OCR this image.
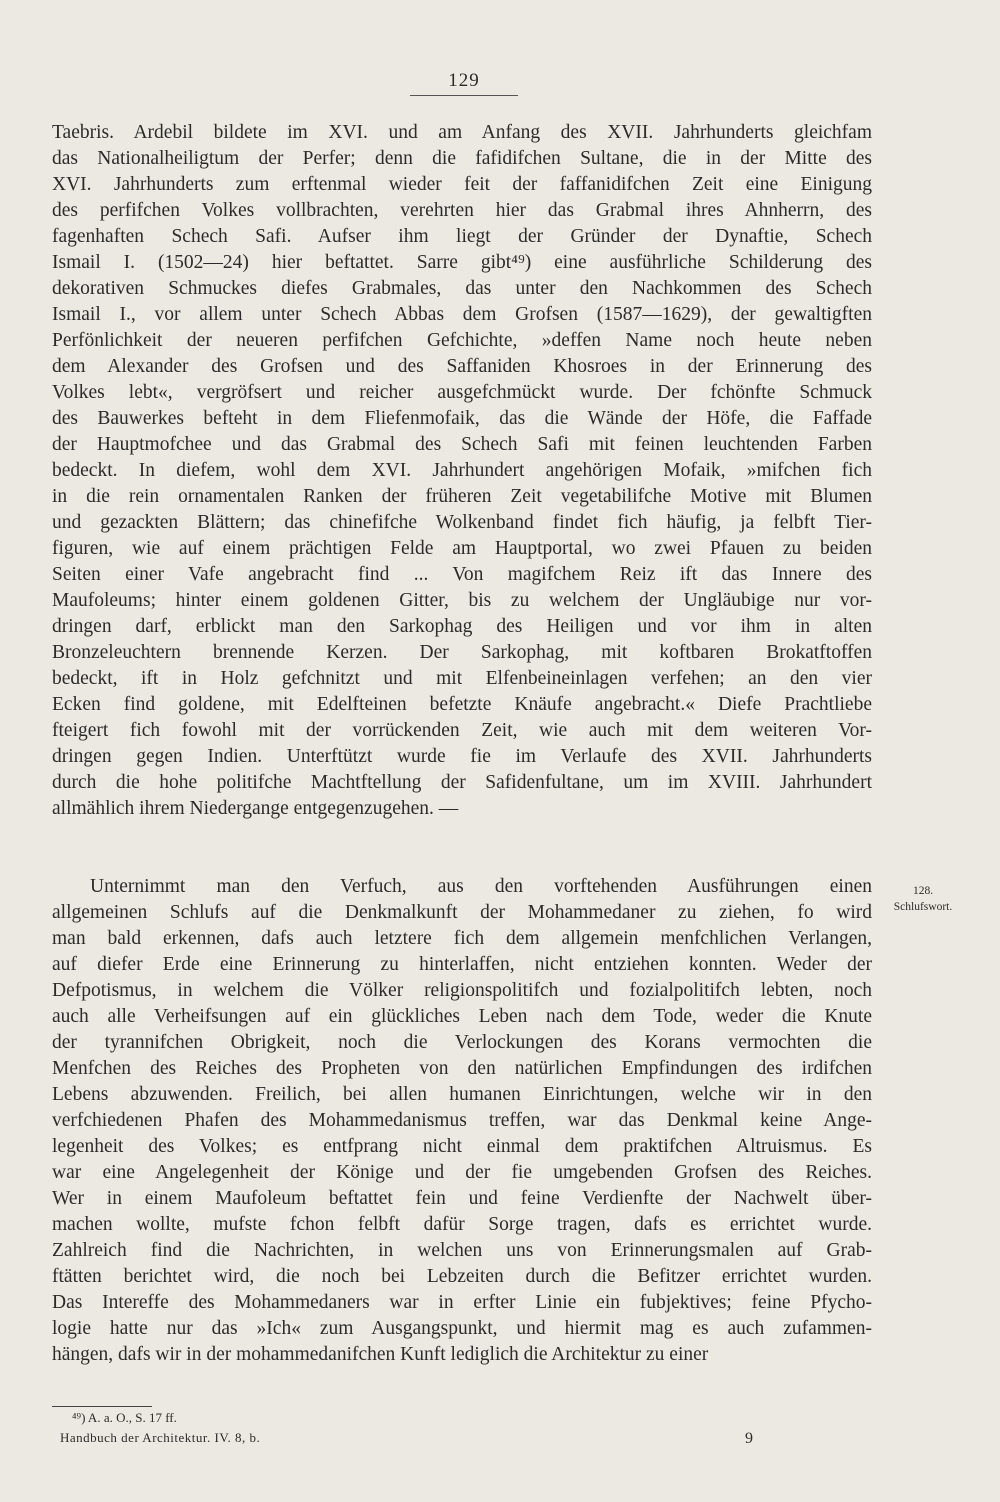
129
Taebris. Ardebil bildete im XVI. und am Anfang des XVII. Jahrhunderts gleichfam
das Nationalheiligtum der Perfer; denn die fafidifchen Sultane, die in der Mitte des
XVI. Jahrhunderts zum erftenmal wieder feit der faffanidifchen Zeit eine Einigung
des perfifchen Volkes vollbrachten, verehrten hier das Grabmal ihres Ahnherrn, des
fagenhaften Schech Safi. Aufser ihm liegt der Gründer der Dynaftie, Schech
Ismail I. (1502—24) hier beftattet. Sarre gibt⁴⁹) eine ausführliche Schilderung des
dekorativen Schmuckes diefes Grabmales, das unter den Nachkommen des Schech
Ismail I., vor allem unter Schech Abbas dem Grofsen (1587—1629), der gewaltigften
Perfönlichkeit der neueren perfifchen Gefchichte, »deffen Name noch heute neben
dem Alexander des Grofsen und des Saffaniden Khosroes in der Erinnerung des
Volkes lebt«, vergröfsert und reicher ausgefchmückt wurde. Der fchönfte Schmuck
des Bauwerkes befteht in dem Fliefenmofaik, das die Wände der Höfe, die Faffade
der Hauptmofchee und das Grabmal des Schech Safi mit feinen leuchtenden Farben
bedeckt. In diefem, wohl dem XVI. Jahrhundert angehörigen Mofaik, »mifchen fich
in die rein ornamentalen Ranken der früheren Zeit vegetabilifche Motive mit Blumen
und gezackten Blättern; das chinefifche Wolkenband findet fich häufig, ja felbft Tier-
figuren, wie auf einem prächtigen Felde am Hauptportal, wo zwei Pfauen zu beiden
Seiten einer Vafe angebracht find ... Von magifchem Reiz ift das Innere des
Maufoleums; hinter einem goldenen Gitter, bis zu welchem der Ungläubige nur vor-
dringen darf, erblickt man den Sarkophag des Heiligen und vor ihm in alten
Bronzeleuchtern brennende Kerzen. Der Sarkophag, mit koftbaren Brokatftoffen
bedeckt, ift in Holz gefchnitzt und mit Elfenbeineinlagen verfehen; an den vier
Ecken find goldene, mit Edelfteinen befetzte Knäufe angebracht.« Diefe Prachtliebe
fteigert fich fowohl mit der vorrückenden Zeit, wie auch mit dem weiteren Vor-
dringen gegen Indien. Unterftützt wurde fie im Verlaufe des XVII. Jahrhunderts
durch die hohe politifche Machtftellung der Safidenfultane, um im XVIII. Jahrhundert
allmählich ihrem Niedergange entgegenzugehen. —
Unternimmt man den Verfuch, aus den vorftehenden Ausführungen einen
allgemeinen Schlufs auf die Denkmalkunft der Mohammedaner zu ziehen, fo wird
man bald erkennen, dafs auch letztere fich dem allgemein menfchlichen Verlangen,
auf diefer Erde eine Erinnerung zu hinterlaffen, nicht entziehen konnten. Weder der
Defpotismus, in welchem die Völker religionspolitifch und fozialpolitifch lebten, noch
auch alle Verheifsungen auf ein glückliches Leben nach dem Tode, weder die Knute
der tyrannifchen Obrigkeit, noch die Verlockungen des Korans vermochten die
Menfchen des Reiches des Propheten von den natürlichen Empfindungen des irdifchen
Lebens abzuwenden. Freilich, bei allen humanen Einrichtungen, welche wir in den
verfchiedenen Phafen des Mohammedanismus treffen, war das Denkmal keine Ange-
legenheit des Volkes; es entfprang nicht einmal dem praktifchen Altruismus. Es
war eine Angelegenheit der Könige und der fie umgebenden Grofsen des Reiches.
Wer in einem Maufoleum beftattet fein und feine Verdienfte der Nachwelt über-
machen wollte, mufste fchon felbft dafür Sorge tragen, dafs es errichtet wurde.
Zahlreich find die Nachrichten, in welchen uns von Erinnerungsmalen auf Grab-
ftätten berichtet wird, die noch bei Lebzeiten durch die Befitzer errichtet wurden.
Das Intereffe des Mohammedaners war in erfter Linie ein fubjektives; feine Pfycho-
logie hatte nur das »Ich« zum Ausgangspunkt, und hiermit mag es auch zufammen-
hängen, dafs wir in der mohammedanifchen Kunft lediglich die Architektur zu einer
128.
Schlufswort.
⁴⁹) A. a. O., S. 17 ff.
Handbuch der Architektur. IV. 8, b.	9
